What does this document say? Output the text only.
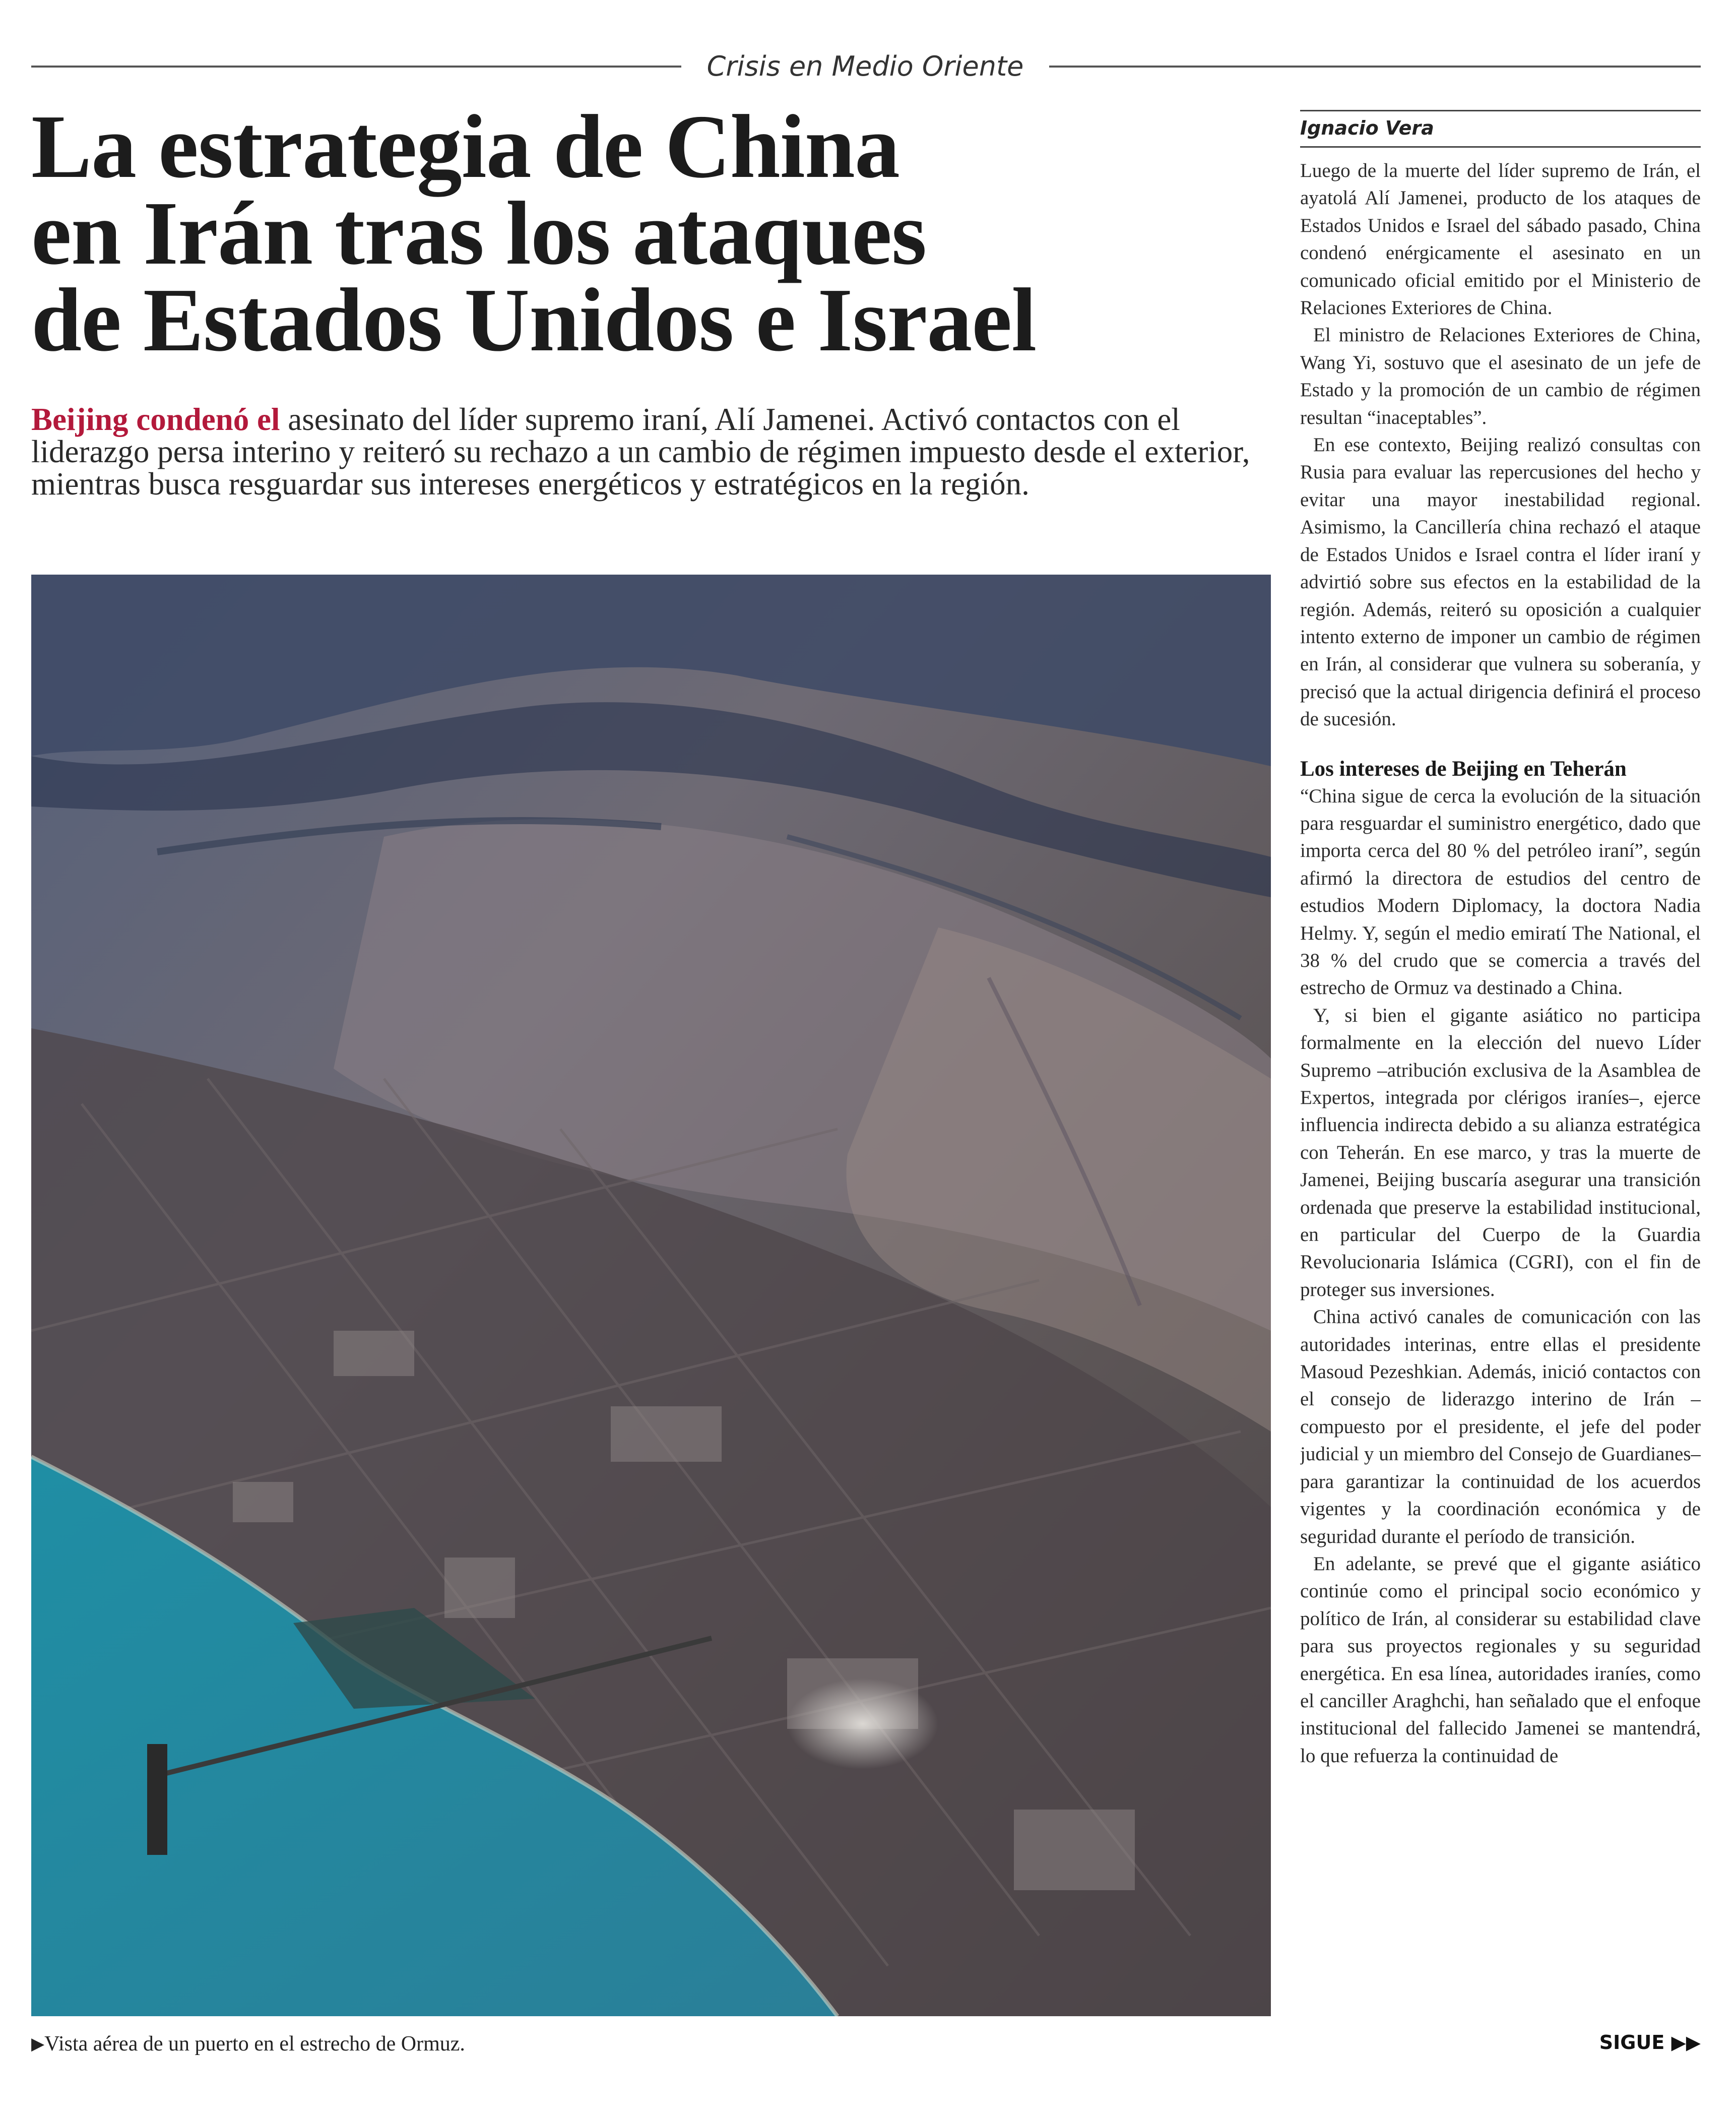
Crisis en Medio Oriente
La estrategia de China
en Irán tras los ataques
de Estados Unidos e Israel

Beijing condenó el asesinato del líder supremo iraní, Alí Jamenei. Activó contactos con el liderazgo persa interino y reiteró su rechazo a un cambio de régimen impuesto desde el exterior, mientras busca resguardar sus intereses energéticos y estratégicos en la región.

▶Vista aérea de un puerto en el estrecho de Ormuz.
Ignacio Vera

Luego de la muerte del líder supremo de Irán, el ayatolá Alí Jamenei, producto de los ataques de Estados Unidos e Israel del sábado pasado, China condenó enérgicamente el asesinato en un comunicado oficial emitido por el Ministerio de Relaciones Exteriores de China.

El ministro de Relaciones Exteriores de China, Wang Yi, sostuvo que el asesinato de un jefe de Estado y la promoción de un cambio de régimen resultan “inaceptables”.

En ese contexto, Beijing realizó consultas con Rusia para evaluar las repercusiones del hecho y evitar una mayor inestabilidad regional. Asimismo, la Cancillería china rechazó el ataque de Estados Unidos e Israel contra el líder iraní y advirtió sobre sus efectos en la estabilidad de la región. Además, reiteró su oposición a cualquier intento externo de imponer un cambio de régimen en Irán, al considerar que vulnera su soberanía, y precisó que la actual dirigencia definirá el proceso de sucesión.

Los intereses de Beijing en Teherán

“China sigue de cerca la evolución de la situación para resguardar el suministro energético, dado que importa cerca del 80 % del petróleo iraní”, según afirmó la directora de estudios del centro de estudios Modern Diplomacy, la doctora Nadia Helmy. Y, según el medio emiratí The National, el 38 % del crudo que se comercia a través del estrecho de Ormuz va destinado a China.

Y, si bien el gigante asiático no participa formalmente en la elección del nuevo Líder Supremo –atribución exclusiva de la Asamblea de Expertos, integrada por clérigos iraníes–, ejerce influencia indirecta debido a su alianza estratégica con Teherán. En ese marco, y tras la muerte de Jamenei, Beijing buscaría asegurar una transición ordenada que preserve la estabilidad institucional, en particular del Cuerpo de la Guardia Revolucionaria Islámica (CGRI), con el fin de proteger sus inversiones.

China activó canales de comunicación con las autoridades interinas, entre ellas el presidente Masoud Pezeshkian. Además, inició contactos con el consejo de liderazgo interino de Irán –compuesto por el presidente, el jefe del poder judicial y un miembro del Consejo de Guardianes– para garantizar la continuidad de los acuerdos vigentes y la coordinación económica y de seguridad durante el período de transición.

En adelante, se prevé que el gigante asiático continúe como el principal socio económico y político de Irán, al considerar su estabilidad clave para sus proyectos regionales y su seguridad energética. En esa línea, autoridades iraníes, como el canciller Araghchi, han señalado que el enfoque institucional del fallecido Jamenei se mantendrá, lo que refuerza la continuidad de

SIGUE ▶▶
